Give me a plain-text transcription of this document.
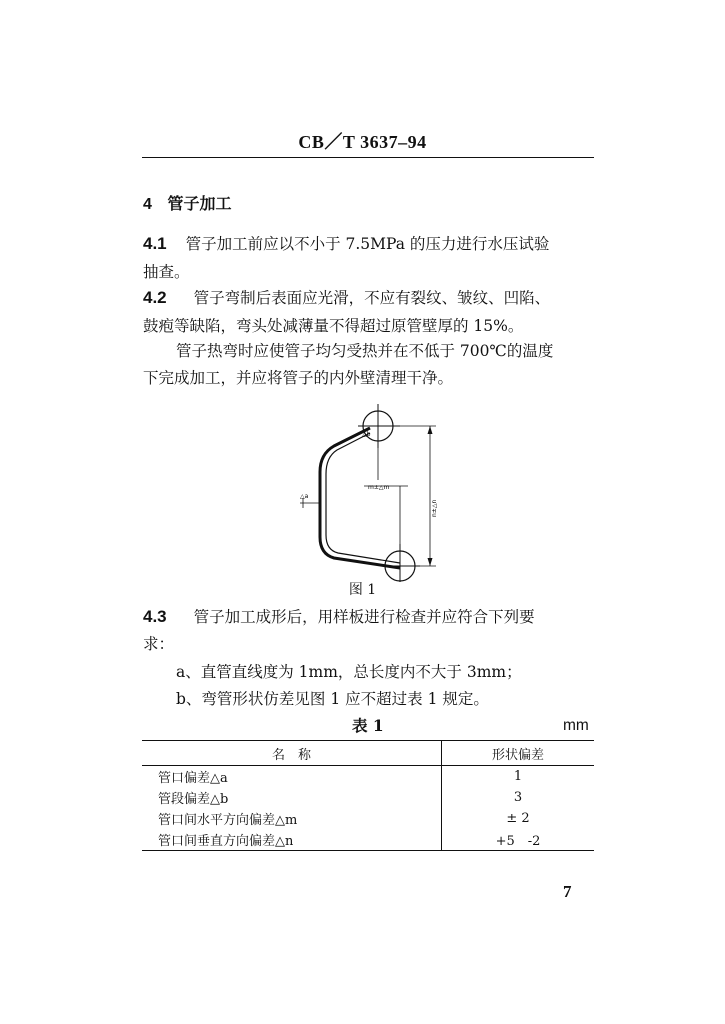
CB／T 3637–94
4 管子加工
4.1 管子加工前应以不小于 7.5MPa 的压力进行水压试验
抽查。
4.2 管子弯制后表面应光滑，不应有裂纹、皱纹、凹陷、
鼓疱等缺陷，弯头处减薄量不得超过原管壁厚的 15%。
管子热弯时应使管子均匀受热并在不低于 700℃的温度
下完成加工，并应将管子的内外壁清理干净。
m±△m
n±△n
△a
△b
图 1
4.3 管子加工成形后，用样板进行检查并应符合下列要
求：
a、直管直线度为 1mm，总长度内不大于 3mm；
b、弯管形状仿差见图 1 应不超过表 1 规定。
表 1	mm
名　称	形状偏差
管口偏差△a	1
管段偏差△b	3
管口间水平方向偏差△m	± 2
管口间垂直方向偏差△n	+5　-2
7
